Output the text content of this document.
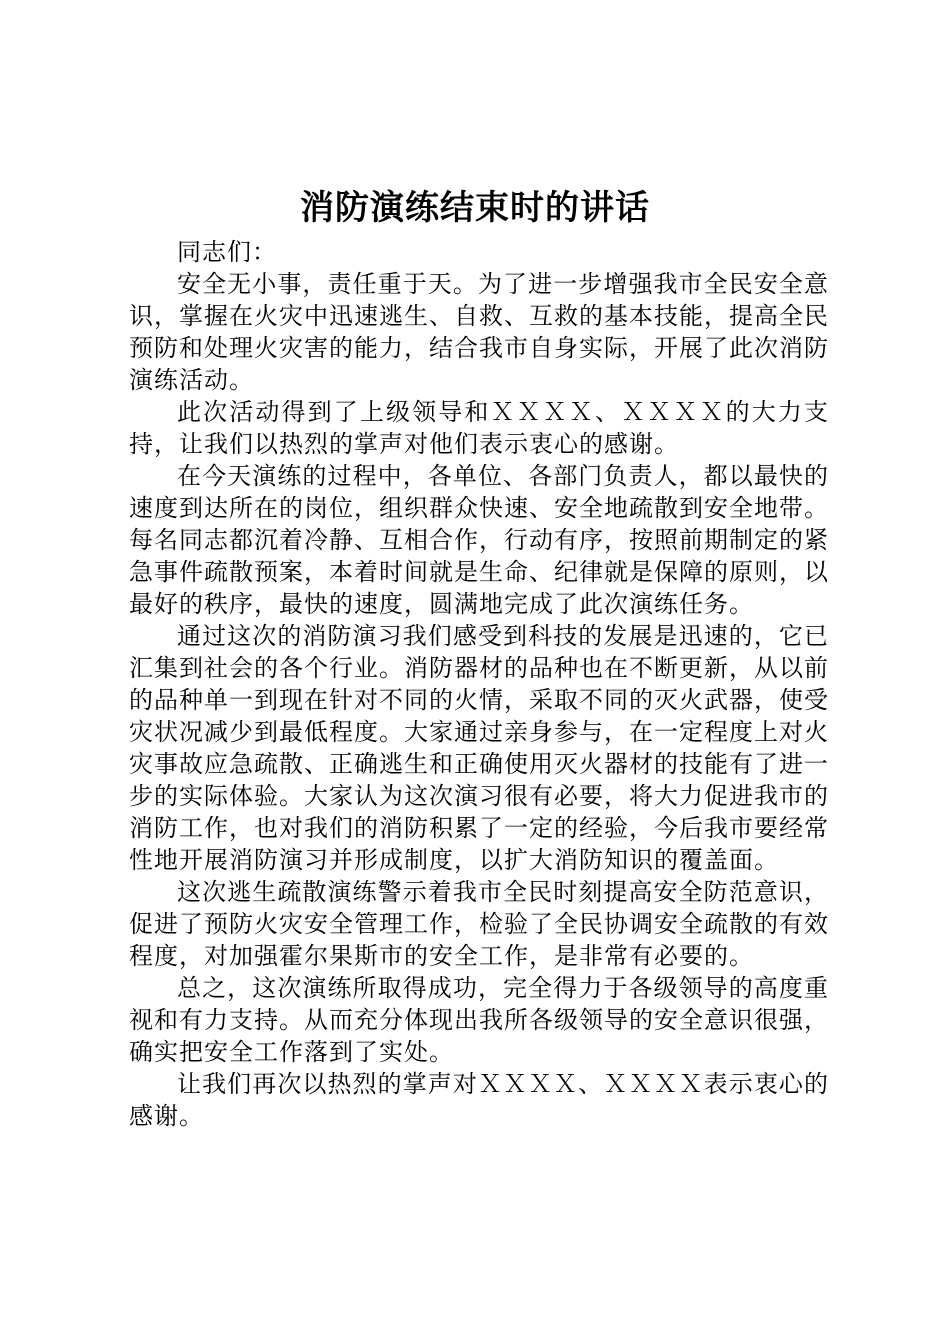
消防演练结束时的讲话

同志们：

安全无小事，责任重于天。为了进一步增强我市全民安全意识，掌握在火灾中迅速逃生、自救、互救的基本技能，提高全民预防和处理火灾害的能力，结合我市自身实际，开展了此次消防演练活动。

此次活动得到了上级领导和ＸＸＸＸ、ＸＸＸＸ的大力支持，让我们以热烈的掌声对他们表示衷心的感谢。

在今天演练的过程中，各单位、各部门负责人，都以最快的速度到达所在的岗位，组织群众快速、安全地疏散到安全地带。每名同志都沉着冷静、互相合作，行动有序，按照前期制定的紧急事件疏散预案，本着时间就是生命、纪律就是保障的原则，以最好的秩序，最快的速度，圆满地完成了此次演练任务。

通过这次的消防演习我们感受到科技的发展是迅速的，它已汇集到社会的各个行业。消防器材的品种也在不断更新，从以前的品种单一到现在针对不同的火情，采取不同的灭火武器，使受灾状况减少到最低程度。大家通过亲身参与，在一定程度上对火灾事故应急疏散、正确逃生和正确使用灭火器材的技能有了进一步的实际体验。大家认为这次演习很有必要，将大力促进我市的消防工作，也对我们的消防积累了一定的经验，今后我市要经常性地开展消防演习并形成制度，以扩大消防知识的覆盖面。

这次逃生疏散演练警示着我市全民时刻提高安全防范意识，促进了预防火灾安全管理工作，检验了全民协调安全疏散的有效程度，对加强霍尔果斯市的安全工作，是非常有必要的。

总之，这次演练所取得成功，完全得力于各级领导的高度重视和有力支持。从而充分体现出我所各级领导的安全意识很强，确实把安全工作落到了实处。

让我们再次以热烈的掌声对ＸＸＸＸ、ＸＸＸＸ表示衷心的感谢。
